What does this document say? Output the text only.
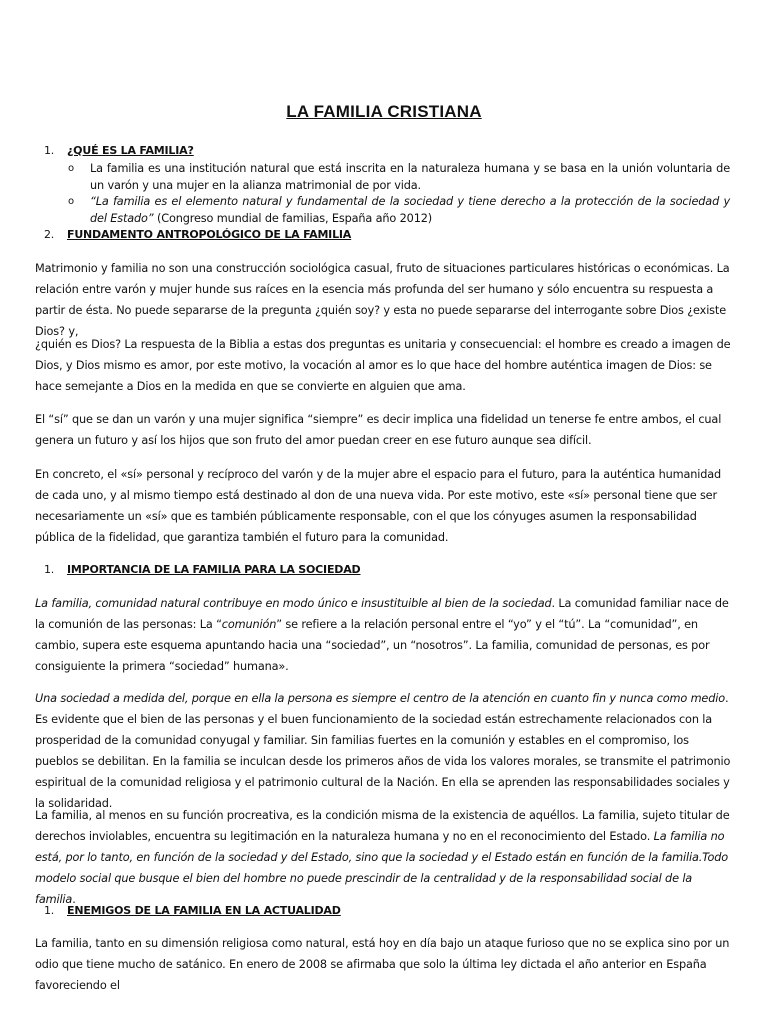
LA FAMILIA CRISTIANA
1. ¿QUÉ ES LA FAMILIA?
o La familia es una institución natural que está inscrita en la naturaleza humana y se basa en la unión voluntaria de un varón y una mujer en la alianza matrimonial de por vida.
o “La familia es el elemento natural y fundamental de la sociedad y tiene derecho a la protección de la sociedad y del Estado” (Congreso mundial de familias, España año 2012)
2. FUNDAMENTO ANTROPOLÓGICO DE LA FAMILIA
Matrimonio y familia no son una construcción sociológica casual, fruto de situaciones particulares históricas o económicas. La relación entre varón y mujer hunde sus raíces en la esencia más profunda del ser humano y sólo encuentra su respuesta a partir de ésta. No puede separarse de la pregunta ¿quién soy? y esta no puede separarse del interrogante sobre Dios ¿existe Dios? y,
¿quién es Dios? La respuesta de la Biblia a estas dos preguntas es unitaria y consecuencial: el hombre es creado a imagen de Dios, y Dios mismo es amor, por este motivo, la vocación al amor es lo que hace del hombre auténtica imagen de Dios: se hace semejante a Dios en la medida en que se convierte en alguien que ama.
El “sí” que se dan un varón y una mujer significa “siempre” es decir implica una fidelidad un tenerse fe entre ambos, el cual genera un futuro y así los hijos que son fruto del amor puedan creer en ese futuro aunque sea difícil.
En concreto, el «sí» personal y recíproco del varón y de la mujer abre el espacio para el futuro, para la auténtica humanidad de cada uno, y al mismo tiempo está destinado al don de una nueva vida. Por este motivo, este «sí» personal tiene que ser necesariamente un «sí» que es también públicamente responsable, con el que los cónyuges asumen la responsabilidad pública de la fidelidad, que garantiza también el futuro para la comunidad.
1. IMPORTANCIA DE LA FAMILIA PARA LA SOCIEDAD
La familia, comunidad natural contribuye en modo único e insustituible al bien de la sociedad. La comunidad familiar nace de la comunión de las personas: La “comunión” se refiere a la relación personal entre el “yo” y el “tú”. La “comunidad”, en cambio, supera este esquema apuntando hacia una “sociedad”, un “nosotros”. La familia, comunidad de personas, es por consiguiente la primera “sociedad” humana».
Una sociedad a medida del, porque en ella la persona es siempre el centro de la atención en cuanto fin y nunca como medio. Es evidente que el bien de las personas y el buen funcionamiento de la sociedad están estrechamente relacionados con la prosperidad de la comunidad conyugal y familiar. Sin familias fuertes en la comunión y estables en el compromiso, los pueblos se debilitan. En la familia se inculcan desde los primeros años de vida los valores morales, se transmite el patrimonio espiritual de la comunidad religiosa y el patrimonio cultural de la Nación. En ella se aprenden las responsabilidades sociales y la solidaridad.
La familia, al menos en su función procreativa, es la condición misma de la existencia de aquéllos. La familia, sujeto titular de derechos inviolables, encuentra su legitimación en la naturaleza humana y no en el reconocimiento del Estado. La familia no está, por lo tanto, en función de la sociedad y del Estado, sino que la sociedad y el Estado están en función de la familia.Todo modelo social que busque el bien del hombre no puede prescindir de la centralidad y de la responsabilidad social de la familia.
1. ENEMIGOS DE LA FAMILIA EN LA ACTUALIDAD
La familia, tanto en su dimensión religiosa como natural, está hoy en día bajo un ataque furioso que no se explica sino por un odio que tiene mucho de satánico. En enero de 2008 se afirmaba que solo la última ley dictada el año anterior en España favoreciendo el
